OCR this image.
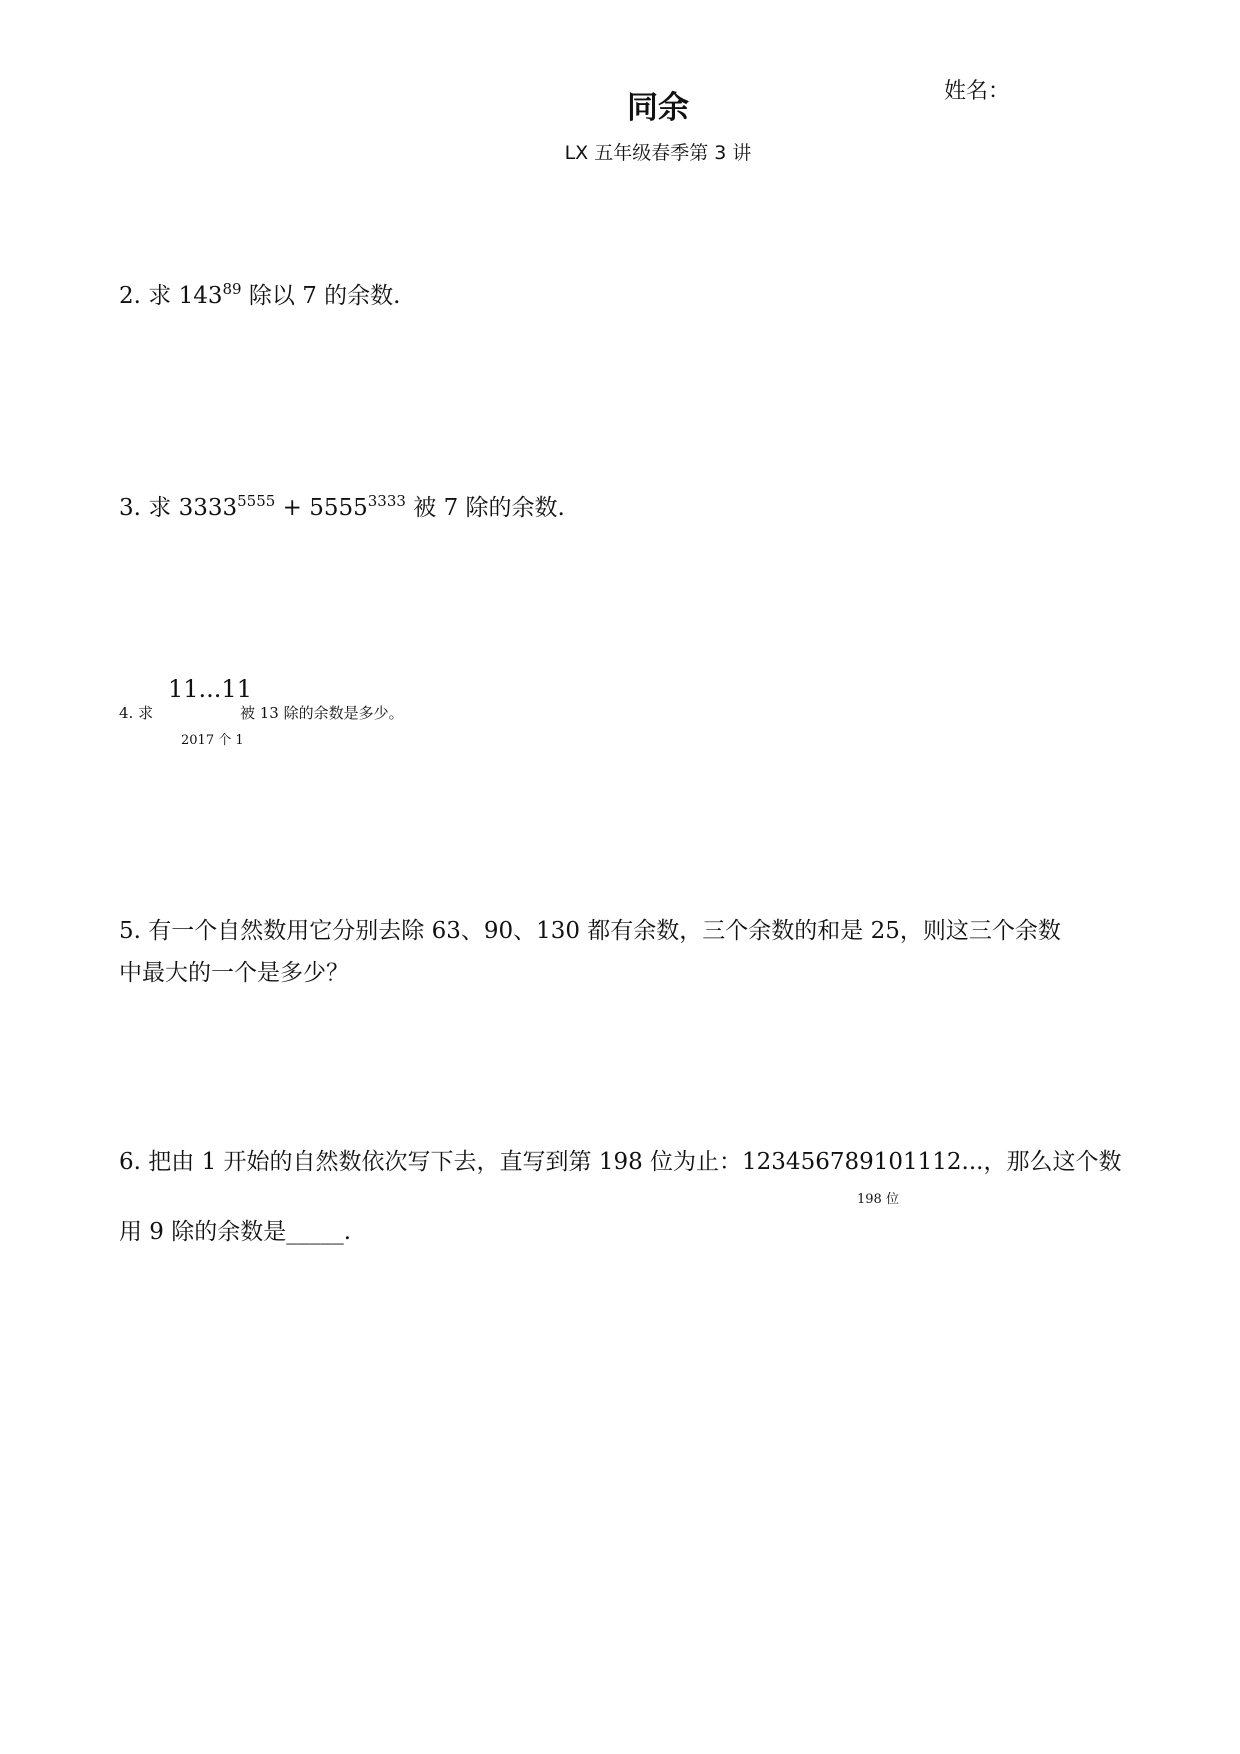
同余
LX 五年级春季第 3 讲
姓名：
2. 求 $143^{89}$ 除以 7 的余数.
3. 求 $3333^{5555} + 5555^{3333}$ 被 7 除的余数.
4. 求
11...11
2017 个 1
被 13 除的余数是多少。
5. 有一个自然数用它分别去除 63、90、130 都有余数，三个余数的和是 25，则这三个余数
中最大的一个是多少？
6. 把由 1 开始的自然数依次写下去，直写到第 198 位为止：123456789101112...，那么这个数
198 位
用 9 除的余数是_____.
